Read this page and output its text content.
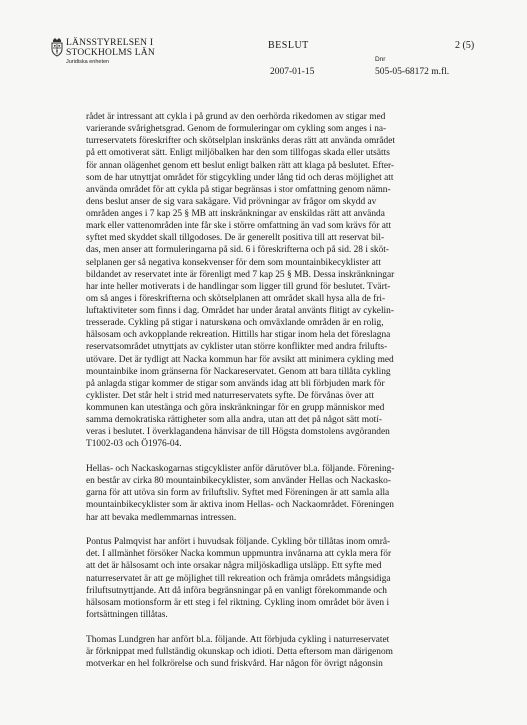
LÄNSSTYRELSEN I
STOCKHOLMS LÄN
Juridiska enheten
BESLUT	2 (5)
Dnr
2007-01-15	505-05-68172 m.fl.

rådet är intressant att cykla i på grund av den oerhörda rikedomen av stigar med
varierande svårighetsgrad. Genom de formuleringar om cykling som anges i na-
turreservatets föreskrifter och skötselplan inskränks deras rätt att använda området
på ett omotiverat sätt. Enligt miljöbalken har den som tillfogas skada eller utsätts
för annan olägenhet genom ett beslut enligt balken rätt att klaga på beslutet. Efter-
som de har utnyttjat området för stigcykling under lång tid och deras möjlighet att
använda området för att cykla på stigar begränsas i stor omfattning genom nämn-
dens beslut anser de sig vara sakägare. Vid prövningar av frågor om skydd av
områden anges i 7 kap 25 § MB att inskränkningar av enskildas rätt att använda
mark eller vattenområden inte får ske i större omfattning än vad som krävs för att
syftet med skyddet skall tillgodoses. De är generellt positiva till att reservat bil-
das, men anser att formuleringarna på sid. 6 i föreskrifterna och på sid. 28 i sköt-
selplanen ger så negativa konsekvenser för dem som mountainbikecyklister att
bildandet av reservatet inte är förenligt med 7 kap 25 § MB. Dessa inskränkningar
har inte heller motiverats i de handlingar som ligger till grund för beslutet. Tvärt-
om så anges i föreskrifterna och skötselplanen att området skall hysa alla de fri-
luftaktiviteter som finns i dag. Området har under åratal använts flitigt av cykelin-
tresserade. Cykling på stigar i naturskøna och omväxlande områden är en rolig,
hälsosam och avkopplande rekreation. Hittills har stigar inom hela det föreslagna
reservatsområdet utnyttjats av cyklister utan större konflikter med andra frilufts-
utövare. Det är tydligt att Nacka kommun har för avsikt att minimera cykling med
mountainbike inom gränserna för Nackareservatet. Genom att bara tillåta cykling
på anlagda stigar kommer de stigar som används idag att bli förbjuden mark för
cyklister. Det står helt i strid med naturreservatets syfte. De förvånas över att
kommunen kan utestänga och göra inskränkningar för en grupp människor med
samma demokratiska rättigheter som alla andra, utan att det på något sätt motí-
veras i beslutet. I överklagandena hänvisar de till Högsta domstolens avgöranden
T1002-03 och Ö1976-04.

Hellas- och Nackaskogarnas stigcyklister anför därutöver bl.a. följande. Förening-
en består av cirka 80 mountainbikecyklister, som använder Hellas och Nackasko-
garna för att utöva sin form av friluftsliv. Syftet med Föreningen är att samla alla
mountainbikecyklister som är aktiva inom Hellas- och Nackaområdet. Föreningen
har att bevaka medlemmarnas intressen.

Pontus Palmqvist har anfört i huvudsak följande. Cykling bör tillåtas inom områ-
det. I allmänhet försöker Nacka kommun uppmuntra invånarna att cykla mera för
att det är hälsosamt och inte orsakar några miljöskadliga utsläpp. Ett syfte med
naturreservatet är att ge möjlighet till rekreation och främja områdets mångsidiga
friluftsutnyttjande. Att då införa begränsningar på en vanligt förekommande och
hälsosam motionsform är ett steg i fel riktning. Cykling inom området bör även i
fortsättningen tillåtas.

Thomas Lundgren har anfört bl.a. följande. Att förbjuda cykling i naturreservatet
är förknippat med fullständig okunskap och idioti. Detta eftersom man därigenom
motverkar en hel folkrörelse och sund friskvård. Har någon för övrigt någonsin
